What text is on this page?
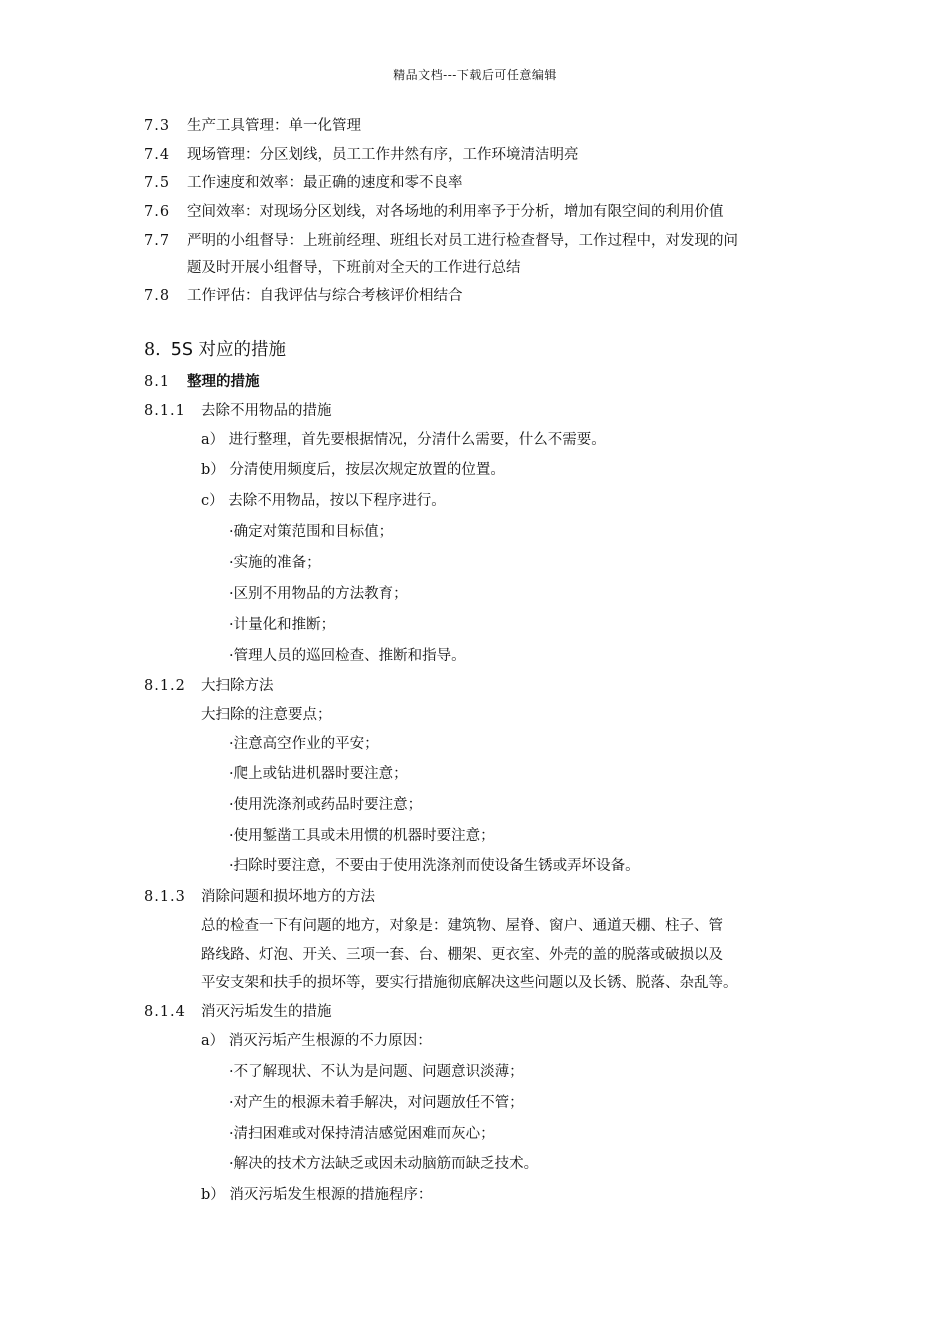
精品文档---下载后可任意编辑
7.3 生产工具管理：单一化管理
7.4 现场管理：分区划线，员工工作井然有序，工作环境清洁明亮
7.5 工作速度和效率：最正确的速度和零不良率
7.6 空间效率：对现场分区划线，对各场地的利用率予于分析，增加有限空间的利用价值
7.7 严明的小组督导：上班前经理、班组长对员工进行检查督导，工作过程中，对发现的问
题及时开展小组督导，下班前对全天的工作进行总结
7.8 工作评估：自我评估与综合考核评价相结合
8. 5S 对应的措施
8.1 整理的措施
8.1.1 去除不用物品的措施
a） 进行整理，首先要根据情况，分清什么需要，什么不需要。
b） 分清使用频度后，按层次规定放置的位置。
c） 去除不用物品，按以下程序进行。
·确定对策范围和目标值；
·实施的准备；
·区别不用物品的方法教育；
·计量化和推断；
·管理人员的巡回检查、推断和指导。
8.1.2 大扫除方法
大扫除的注意要点；
·注意高空作业的平安；
·爬上或钻进机器时要注意；
·使用洗涤剂或药品时要注意；
·使用錾凿工具或未用惯的机器时要注意；
·扫除时要注意，不要由于使用洗涤剂而使设备生锈或弄坏设备。
8.1.3 消除问题和损坏地方的方法
总的检查一下有问题的地方，对象是：建筑物、屋脊、窗户、通道天棚、柱子、管
路线路、灯泡、开关、三项一套、台、棚架、更衣室、外壳的盖的脱落或破损以及
平安支架和扶手的损坏等，要实行措施彻底解决这些问题以及长锈、脱落、杂乱等。
8.1.4 消灭污垢发生的措施
a） 消灭污垢产生根源的不力原因：
·不了解现状、不认为是问题、问题意识淡薄；
·对产生的根源未着手解决，对问题放任不管；
·清扫困难或对保持清洁感觉困难而灰心；
·解决的技术方法缺乏或因未动脑筋而缺乏技术。
b） 消灭污垢发生根源的措施程序：
